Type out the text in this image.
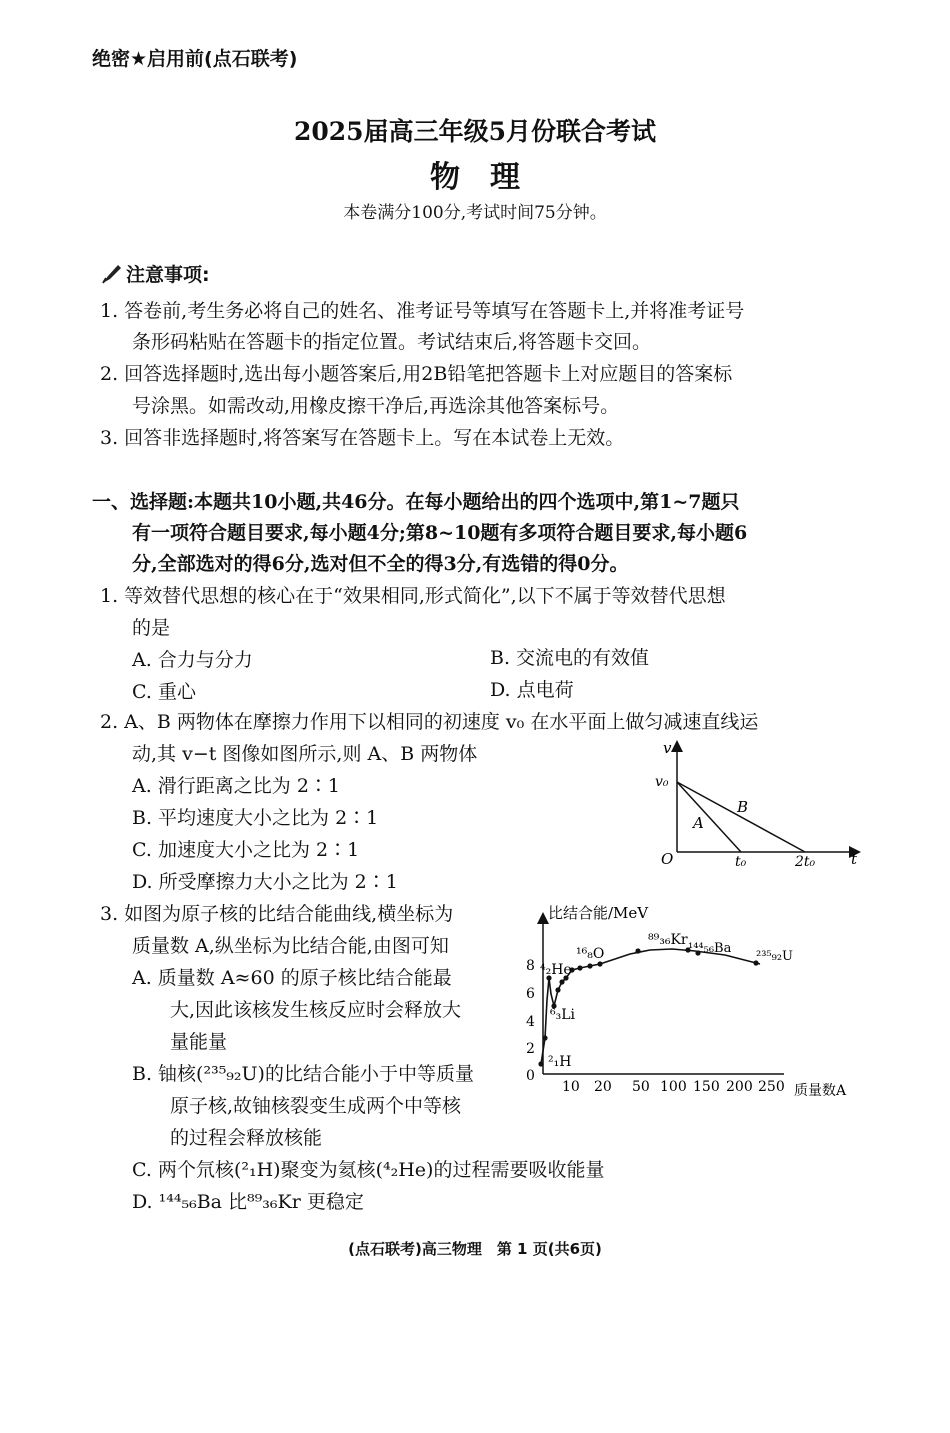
绝密★启用前(点石联考)
2025届高三年级5月份联合考试
物理
本卷满分100分,考试时间75分钟。
注意事项:
1. 答卷前,考生务必将自己的姓名、准考证号等填写在答题卡上,并将准考证号
条形码粘贴在答题卡的指定位置。考试结束后,将答题卡交回。
2. 回答选择题时,选出每小题答案后,用2B铅笔把答题卡上对应题目的答案标
号涂黑。如需改动,用橡皮擦干净后,再选涂其他答案标号。
3. 回答非选择题时,将答案写在答题卡上。写在本试卷上无效。
一、选择题:本题共10小题,共46分。在每小题给出的四个选项中,第1~7题只
有一项符合题目要求,每小题4分;第8~10题有多项符合题目要求,每小题6
分,全部选对的得6分,选对但不全的得3分,有选错的得0分。
1. 等效替代思想的核心在于“效果相同,形式简化”,以下不属于等效替代思想
的是
A. 合力与分力	B. 交流电的有效值
C. 重心	D. 点电荷
2. A、B 两物体在摩擦力作用下以相同的初速度 v₀ 在水平面上做匀减速直线运
动,其 v−t 图像如图所示,则 A、B 两物体
A. 滑行距离之比为 2∶1
B. 平均速度大小之比为 2∶1
C. 加速度大小之比为 2∶1
D. 所受摩擦力大小之比为 2∶1
v
t
O
v₀
t₀	2t₀
A
B
3. 如图为原子核的比结合能曲线,横坐标为
质量数 A,纵坐标为比结合能,由图可知
A. 质量数 A≈60 的原子核比结合能最
大,因此该核发生核反应时会释放大
量能量
B. 铀核(²³⁵₉₂U)的比结合能小于中等质量
原子核,故铀核裂变生成两个中等核
的过程会释放核能
C. 两个氘核(²₁H)聚变为氦核(⁴₂He)的过程需要吸收能量
D. ¹⁴⁴₅₆Ba 比⁸⁹₃₆Kr 更稳定
比结合能/MeV
0
2
4
6
8
10 20 50 100 150 200 250 质量数A
⁴₂He
¹⁶₈O
⁸⁹₃₆Kr
¹⁴⁴₅₆Ba
²³⁵₉₂U
⁶₃Li
²₁H
(点石联考)高三物理　第 1 页(共6页)
